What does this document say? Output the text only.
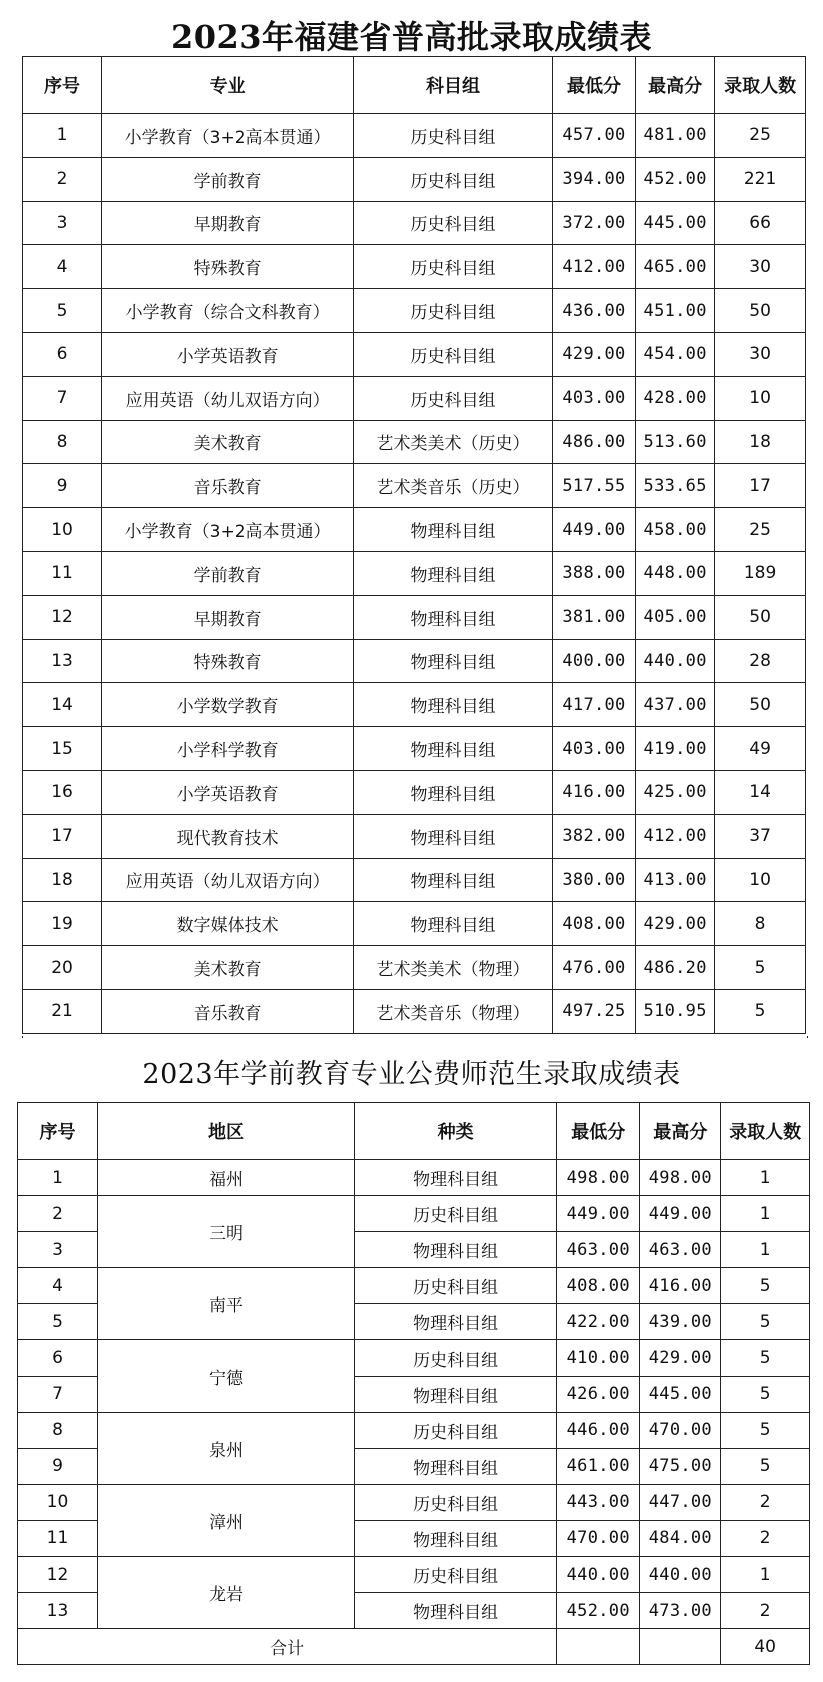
2023年福建省普高批录取成绩表
序号	专业	科目组	最低分	最高分	录取人数
1	小学教育（3+2高本贯通）	历史科目组	457.00	481.00	25
2	学前教育	历史科目组	394.00	452.00	221
3	早期教育	历史科目组	372.00	445.00	66
4	特殊教育	历史科目组	412.00	465.00	30
5	小学教育（综合文科教育）	历史科目组	436.00	451.00	50
6	小学英语教育	历史科目组	429.00	454.00	30
7	应用英语（幼儿双语方向）	历史科目组	403.00	428.00	10
8	美术教育	艺术类美术（历史）	486.00	513.60	18
9	音乐教育	艺术类音乐（历史）	517.55	533.65	17
10	小学教育（3+2高本贯通）	物理科目组	449.00	458.00	25
11	学前教育	物理科目组	388.00	448.00	189
12	早期教育	物理科目组	381.00	405.00	50
13	特殊教育	物理科目组	400.00	440.00	28
14	小学数学教育	物理科目组	417.00	437.00	50
15	小学科学教育	物理科目组	403.00	419.00	49
16	小学英语教育	物理科目组	416.00	425.00	14
17	现代教育技术	物理科目组	382.00	412.00	37
18	应用英语（幼儿双语方向）	物理科目组	380.00	413.00	10
19	数字媒体技术	物理科目组	408.00	429.00	8
20	美术教育	艺术类美术（物理）	476.00	486.20	5
21	音乐教育	艺术类音乐（物理）	497.25	510.95	5
2023年学前教育专业公费师范生录取成绩表
序号	地区	种类	最低分	最高分	录取人数
1	福州	物理科目组	498.00	498.00	1
2	三明	历史科目组	449.00	449.00	1
3		物理科目组	463.00	463.00	1
4	南平	历史科目组	408.00	416.00	5
5		物理科目组	422.00	439.00	5
6	宁德	历史科目组	410.00	429.00	5
7		物理科目组	426.00	445.00	5
8	泉州	历史科目组	446.00	470.00	5
9		物理科目组	461.00	475.00	5
10	漳州	历史科目组	443.00	447.00	2
11		物理科目组	470.00	484.00	2
12	龙岩	历史科目组	440.00	440.00	1
13		物理科目组	452.00	473.00	2
合计					40
